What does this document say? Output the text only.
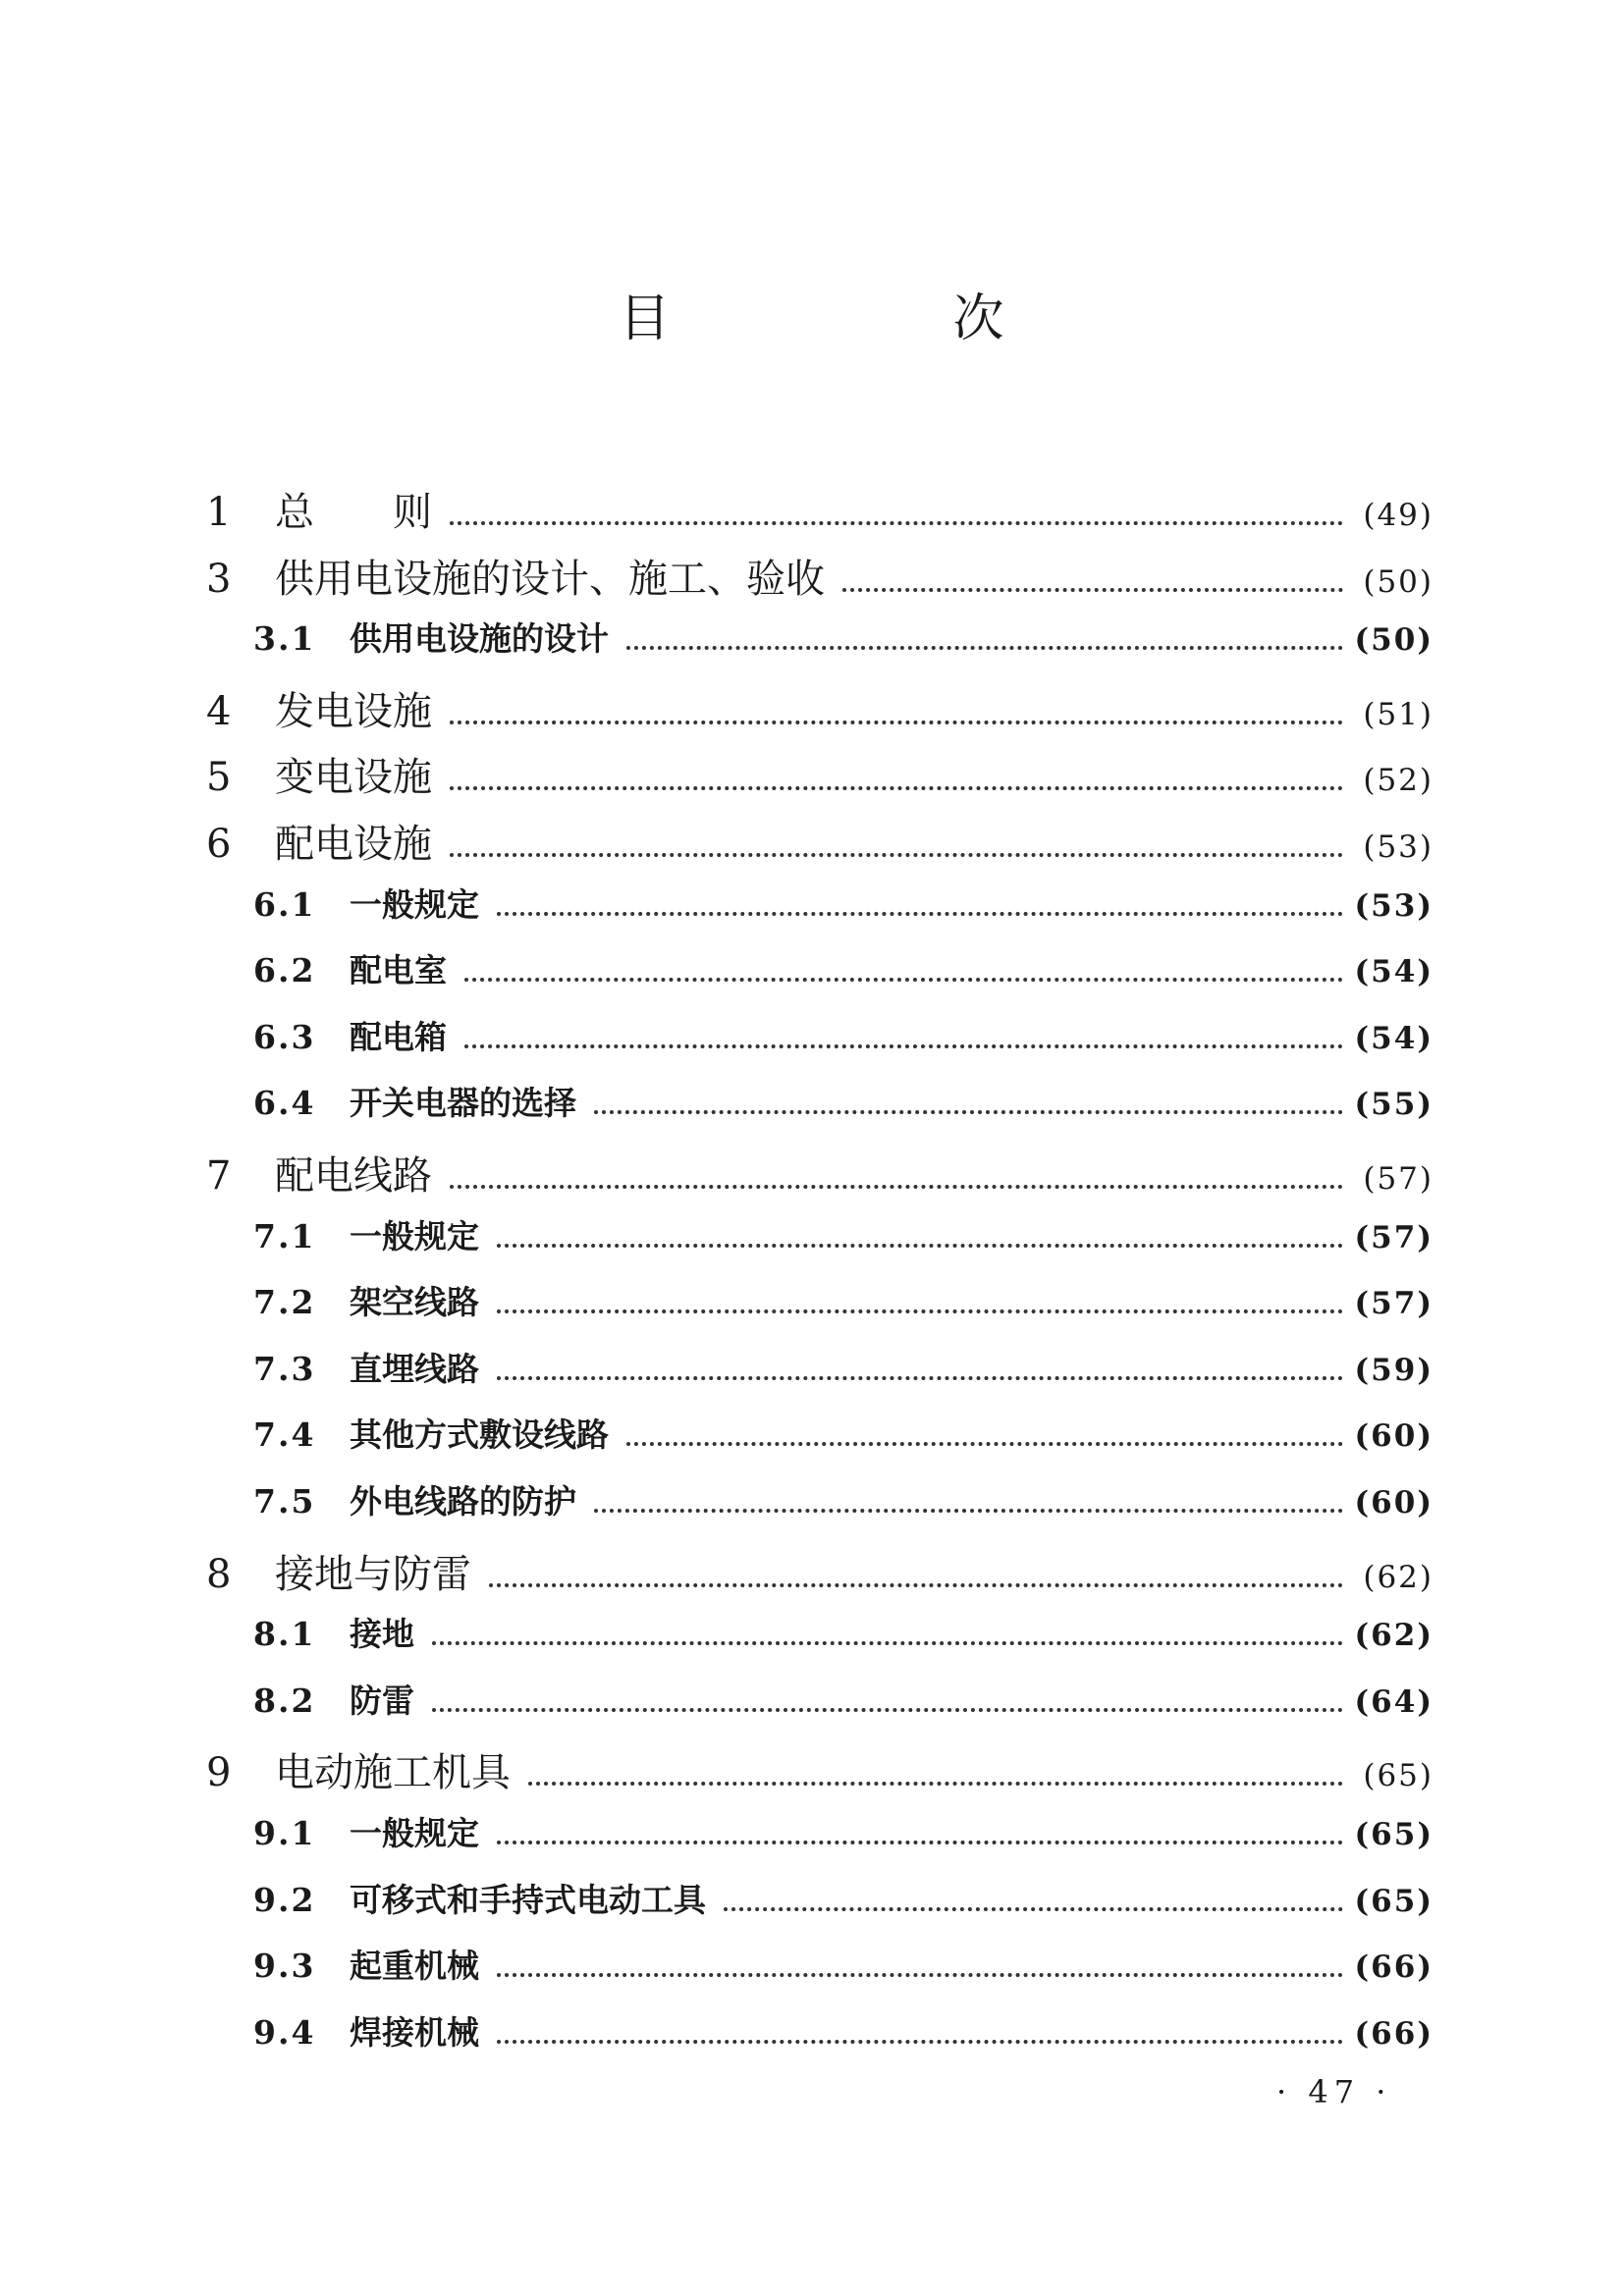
目　次
1	总　　则	(49)
3	供用电设施的设计、施工、验收	(50)
3.1	供用电设施的设计	(50)
4	发电设施	(51)
5	变电设施	(52)
6	配电设施	(53)
6.1	一般规定	(53)
6.2	配电室	(54)
6.3	配电箱	(54)
6.4	开关电器的选择	(55)
7	配电线路	(57)
7.1	一般规定	(57)
7.2	架空线路	(57)
7.3	直埋线路	(59)
7.4	其他方式敷设线路	(60)
7.5	外电线路的防护	(60)
8	接地与防雷	(62)
8.1	接地	(62)
8.2	防雷	(64)
9	电动施工机具	(65)
9.1	一般规定	(65)
9.2	可移式和手持式电动工具	(65)
9.3	起重机械	(66)
9.4	焊接机械	(66)
· 47 ·
